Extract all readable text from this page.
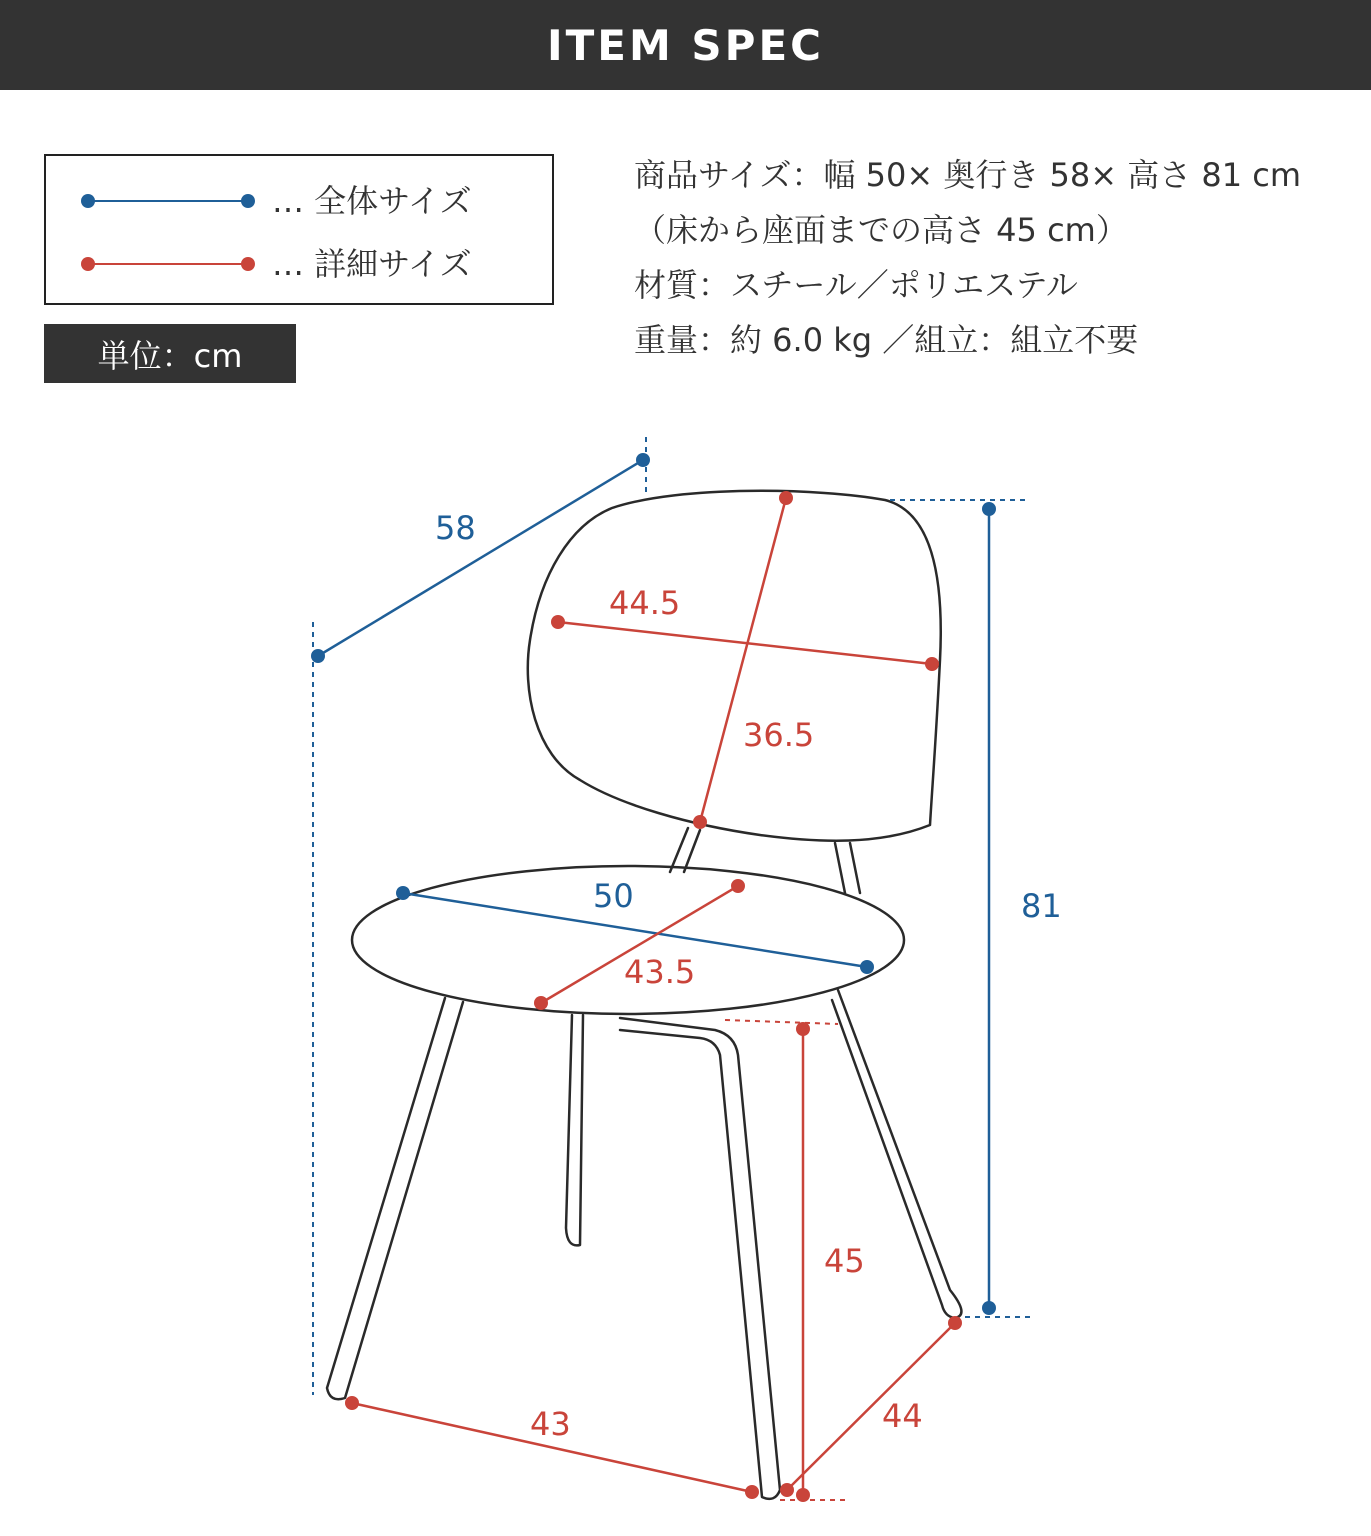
ITEM SPEC
… 全体サイズ
… 詳細サイズ
単位：cm
商品サイズ：幅 50× 奥行き 58× 高さ 81 cm
（床から座面までの高さ 45 cm）
材質：スチール／ポリエステル
重量：約 6.0 kg ／組立：組立不要
58
44.5
36.5
81
50
43.5
45
43	44
